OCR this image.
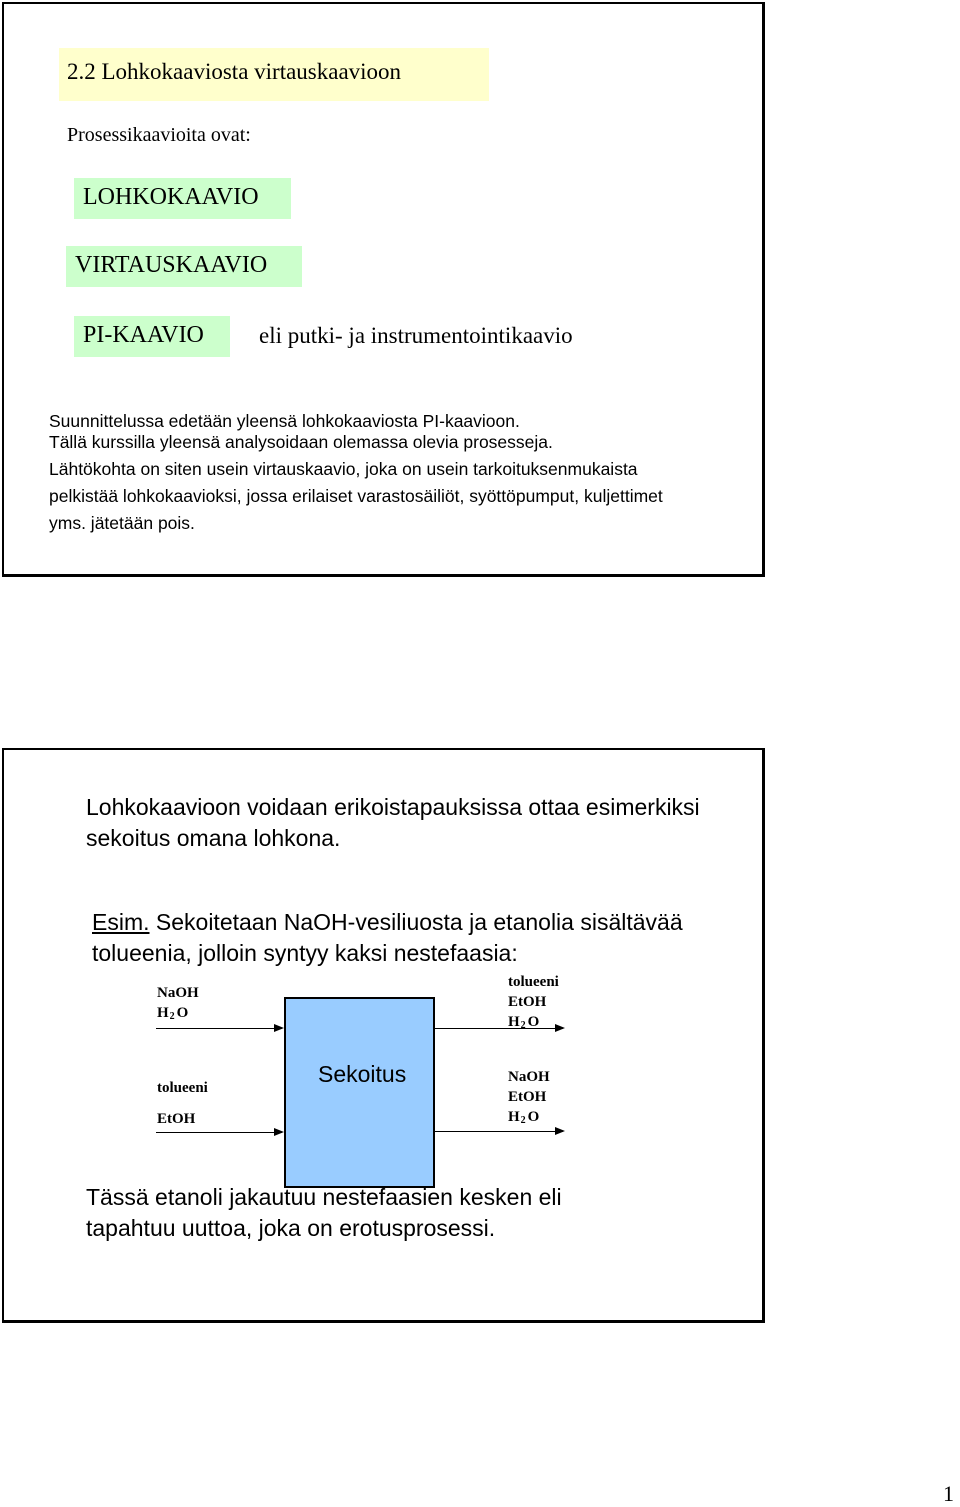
2.2 Lohkokaaviosta virtauskaavioon
Prosessikaavioita ovat:
LOHKOKAAVIO
VIRTAUSKAAVIO
PI-KAAVIO eli putki- ja instrumentointikaavio
Suunnittelussa edetään yleensä lohkokaaviosta PI-kaavioon.
Tällä kurssilla yleensä analysoidaan olemassa olevia prosesseja.
Lähtökohta on siten usein virtauskaavio, joka on usein tarkoituksenmukaista
pelkistää lohkokaavioksi, jossa erilaiset varastosäiliöt, syöttöpumput, kuljettimet
yms. jätetään pois.
Lohkokaavioon voidaan erikoistapauksissa ottaa esimerkiksi
sekoitus omana lohkona.
Esim. Sekoitetaan NaOH-vesiliuosta ja etanolia sisältävää
tolueenia, jolloin syntyy kaksi nestefaasia:
Sekoitus
NaOH
$H_2$ O
tolueeni
EtOH
tolueeni
EtOH
$H_2$ O
NaOH
EtOH
$H_2$ O
Tässä etanoli jakautuu nestefaasien kesken eli
tapahtuu uuttoa, joka on erotusprosessi.
1
